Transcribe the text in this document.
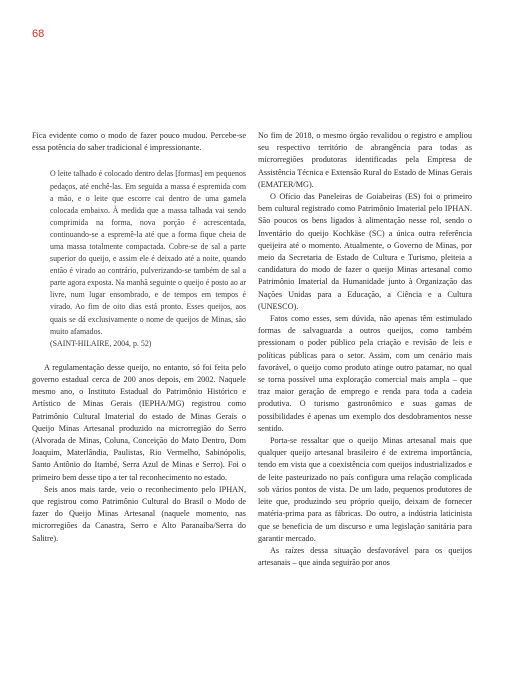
68

Fica evidente como o modo de fazer pouco mudou. Percebe-se essa potência do saber tradicional é impressionante.

O leite talhado é colocado dentro delas [formas] em pequenos pedaços, até enchê-las. Em seguida a massa é espremida com a mão, e o leite que escorre cai dentro de uma gamela colocada embaixo. À medida que a massa talhada vai sendo comprimida na forma, nova porção é acrescentada, continuando-se a espremê-la até que a forma fique cheia de uma massa totalmente compactada. Cobre-se de sal a parte superior do queijo, e assim ele é deixado até a noite, quando então é virado ao contrário, pulverizando-se também de sal a parte agora exposta. Na manhã seguinte o queijo é posto ao ar livre, num lugar ensombrado, e de tempos em tempos é virado. Ao fim de oito dias está pronto. Esses queijos, aos quais se dá exclusivamente o nome de queijos de Minas, são muito afamados.
(SAINT-HILAIRE, 2004, p. 52)

A regulamentação desse queijo, no entanto, só foi feita pelo governo estadual cerca de 200 anos depois, em 2002. Naquele mesmo ano, o Instituto Estadual do Patrimônio Histórico e Artístico de Minas Gerais (IEPHA/MG) registrou como Patrimônio Cultural Imaterial do estado de Minas Gerais o Queijo Minas Artesanal produzido na microrregião do Serro (Alvorada de Minas, Coluna, Conceição do Mato Dentro, Dom Joaquim, Materlândia, Paulistas, Rio Vermelho, Sabinópolis, Santo Antônio do Itambé, Serra Azul de Minas e Serro). Foi o primeiro bem desse tipo a ter tal reconhecimento no estado.

Seis anos mais tarde, veio o reconhecimento pelo IPHAN, que registrou como Patrimônio Cultural do Brasil o Modo de fazer do Queijo Minas Artesanal (naquele momento, nas microrregiões da Canastra, Serro e Alto Paranaíba/Serra do Salitre).

No fim de 2018, o mesmo órgão revalidou o registro e ampliou seu respectivo território de abrangência para todas as microrregiões produtoras identificadas pela Empresa de Assistência Técnica e Extensão Rural do Estado de Minas Gerais (EMATER/MG).

O Ofício das Paneleiras de Goiabeiras (ES) foi o primeiro bem cultural registrado como Patrimônio Imaterial pelo IPHAN. São poucos os bens ligados à alimentação nesse rol, sendo o Inventário do queijo Kochkäse (SC) a única outra referência queijeira até o momento. Atualmente, o Governo de Minas, por meio da Secretaria de Estado de Cultura e Turismo, pleiteia a candidatura do modo de fazer o queijo Minas artesanal como Patrimônio Imaterial da Humanidade junto à Organização das Nações Unidas para a Educação, a Ciência e a Cultura (UNESCO).

Fatos como esses, sem dúvida, não apenas têm estimulado formas de salvaguarda a outros queijos, como também pressionam o poder público pela criação e revisão de leis e políticas públicas para o setor. Assim, com um cenário mais favorável, o queijo como produto atinge outro patamar, no qual se torna possível uma exploração comercial mais ampla – que traz maior geração de emprego e renda para toda a cadeia produtiva. O turismo gastronômico e suas gamas de possibilidades é apenas um exemplo dos desdobramentos nesse sentido.

Porta-se ressaltar que o queijo Minas artesanal mais que qualquer queijo artesanal brasileiro é de extrema importância, tendo em vista que a coexistência com queijos industrializados e de leite pasteurizado no país configura uma relação complicada sob vários pontos de vista. De um lado, pequenos produtores de leite que, produzindo seu próprio queijo, deixam de fornecer matéria-prima para as fábricas. Do outro, a indústria laticinista que se beneficia de um discurso e uma legislação sanitária para garantir mercado.

As raízes dessa situação desfavorável para os queijos artesanais – que ainda seguirão por anos
